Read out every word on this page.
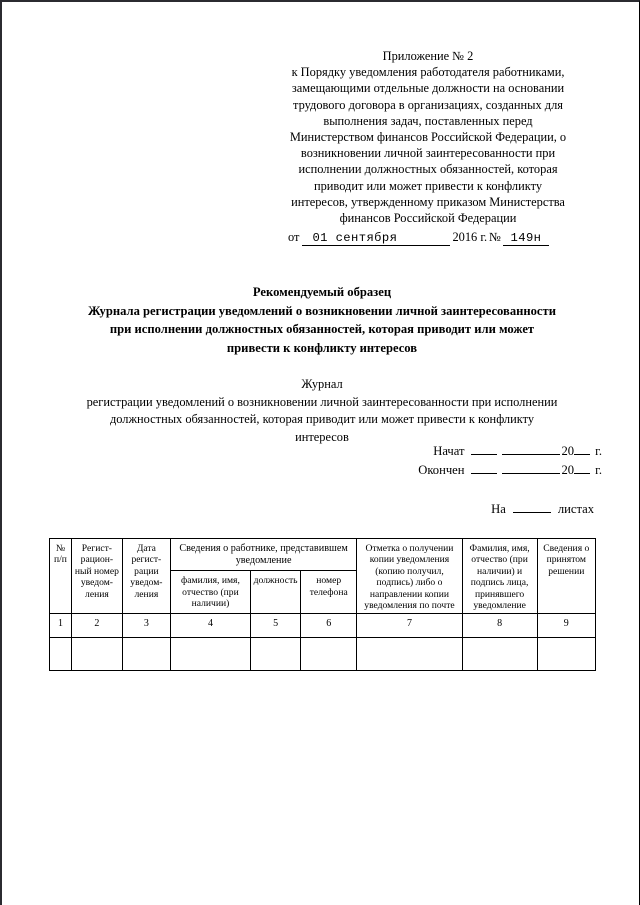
Приложение № 2
к Порядку уведомления работодателя работниками,
замещающими отдельные должности на основании
трудового договора в организациях, созданных для
выполнения задач, поставленных перед
Министерством финансов Российской Федерации, о
возникновении личной заинтересованности при
исполнении должностных обязанностей, которая
приводит или может привести к конфликту
интересов, утвержденному приказом Министерства
финансов Российской Федерации
от	01 сентября	2016 г. № 149н
Рекомендуемый образец
Журнала регистрации уведомлений о возникновении личной заинтересованности
при исполнении должностных обязанностей, которая приводит или может
привести к конфликту интересов
Журнал
регистрации уведомлений о возникновении личной заинтересованности при исполнении
должностных обязанностей, которая приводит или может привести к конфликту
интересов
Начат	20 г.
Окончен	20 г.
На	листах
№
п/п	Регист-рацион-ный номер уведом-ления	Дата регист-рации уведом-ления	Сведения о работнике, представившем уведомление			Отметка о получении копии уведомления (копию получил, подпись) либо о направлении копии уведомления по почте	Фамилия, имя, отчество (при наличии) и подпись лица, принявшего уведомление	Сведения о принятом решении
			фамилия, имя, отчество (при наличии)	должность	номер телефона			
1	2	3	4	5	6	7	8	9
